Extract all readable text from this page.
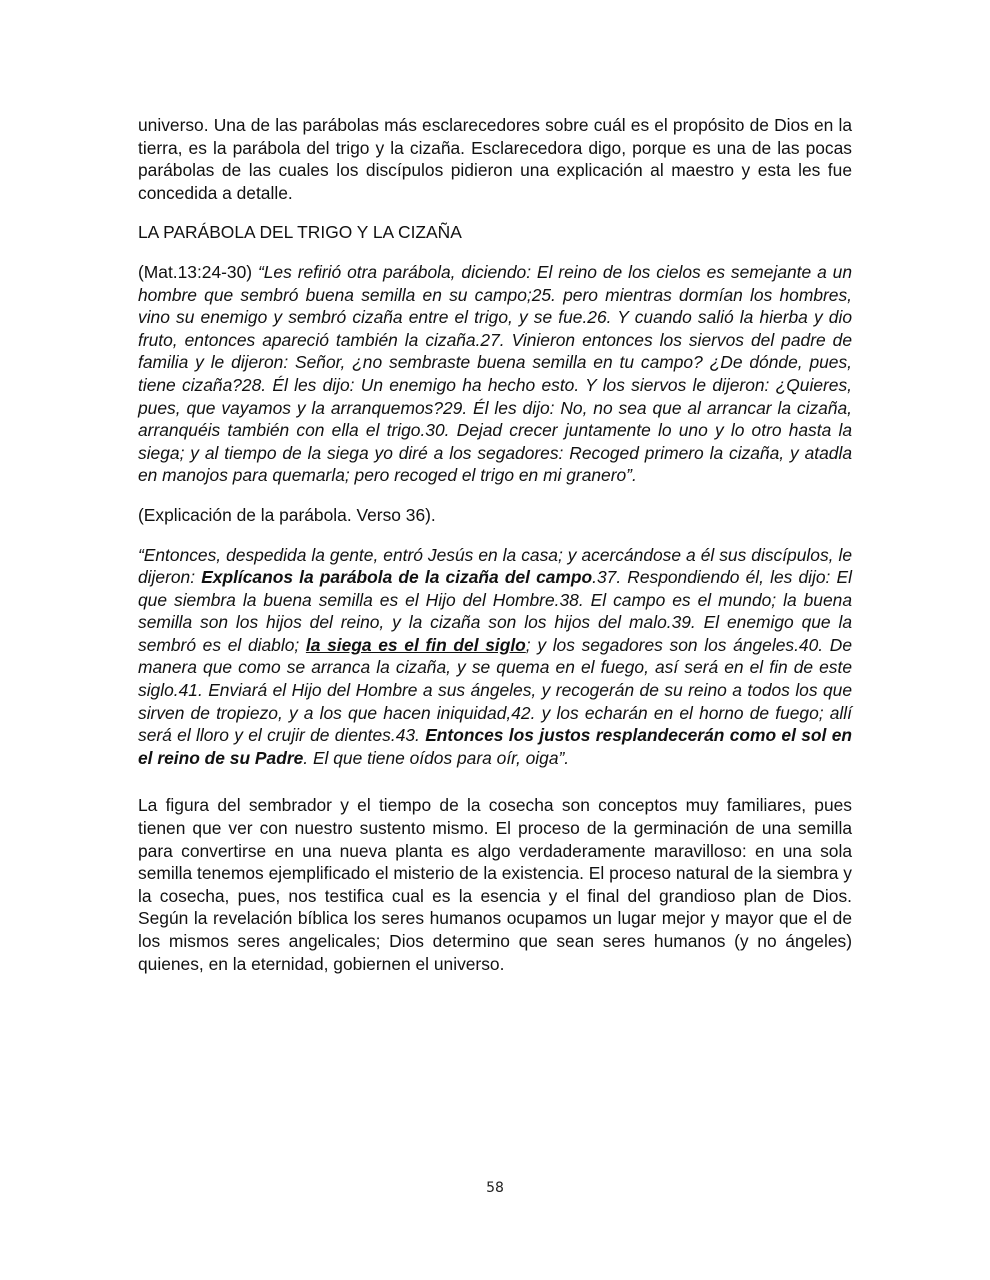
universo. Una de las parábolas más esclarecedores sobre cuál es el propósito de Dios en la tierra, es la parábola del trigo y la cizaña. Esclarecedora digo, porque es una de las pocas parábolas de las cuales los discípulos pidieron una explicación al maestro y esta les fue concedida a detalle.

LA PARÁBOLA DEL TRIGO Y LA CIZAÑA

(Mat.13:24-30) “Les refirió otra parábola, diciendo: El reino de los cielos es semejante a un hombre que sembró buena semilla en su campo;25. pero mientras dormían los hombres, vino su enemigo y sembró cizaña entre el trigo, y se fue.26. Y cuando salió la hierba y dio fruto, entonces apareció también la cizaña.27. Vinieron entonces los siervos del padre de familia y le dijeron: Señor, ¿no sembraste buena semilla en tu campo? ¿De dónde, pues, tiene cizaña?28. Él les dijo: Un enemigo ha hecho esto. Y los siervos le dijeron: ¿Quieres, pues, que vayamos y la arranquemos?29. Él les dijo: No, no sea que al arrancar la cizaña, arranquéis también con ella el trigo.30. Dejad crecer juntamente lo uno y lo otro hasta la siega; y al tiempo de la siega yo diré a los segadores: Recoged primero la cizaña, y atadla en manojos para quemarla; pero recoged el trigo en mi granero”.

(Explicación de la parábola. Verso 36).

“Entonces, despedida la gente, entró Jesús en la casa; y acercándose a él sus discípulos, le dijeron: Explícanos la parábola de la cizaña del campo.37. Respondiendo él, les dijo: El que siembra la buena semilla es el Hijo del Hombre.38. El campo es el mundo; la buena semilla son los hijos del reino, y la cizaña son los hijos del malo.39. El enemigo que la sembró es el diablo; la siega es el fin del siglo; y los segadores son los ángeles.40. De manera que como se arranca la cizaña, y se quema en el fuego, así será en el fin de este siglo.41. Enviará el Hijo del Hombre a sus ángeles, y recogerán de su reino a todos los que sirven de tropiezo, y a los que hacen iniquidad,42. y los echarán en el horno de fuego; allí será el lloro y el crujir de dientes.43. Entonces los justos resplandecerán como el sol en el reino de su Padre. El que tiene oídos para oír, oiga”.

La figura del sembrador y el tiempo de la cosecha son conceptos muy familiares, pues tienen que ver con nuestro sustento mismo. El proceso de la germinación de una semilla para convertirse en una nueva planta es algo verdaderamente maravilloso: en una sola semilla tenemos ejemplificado el misterio de la existencia. El proceso natural de la siembra y la cosecha, pues, nos testifica cual es la esencia y el final del grandioso plan de Dios. Según la revelación bíblica los seres humanos ocupamos un lugar mejor y mayor que el de los mismos seres angelicales; Dios determino que sean seres humanos (y no ángeles) quienes, en la eternidad, gobiernen el universo.

58
